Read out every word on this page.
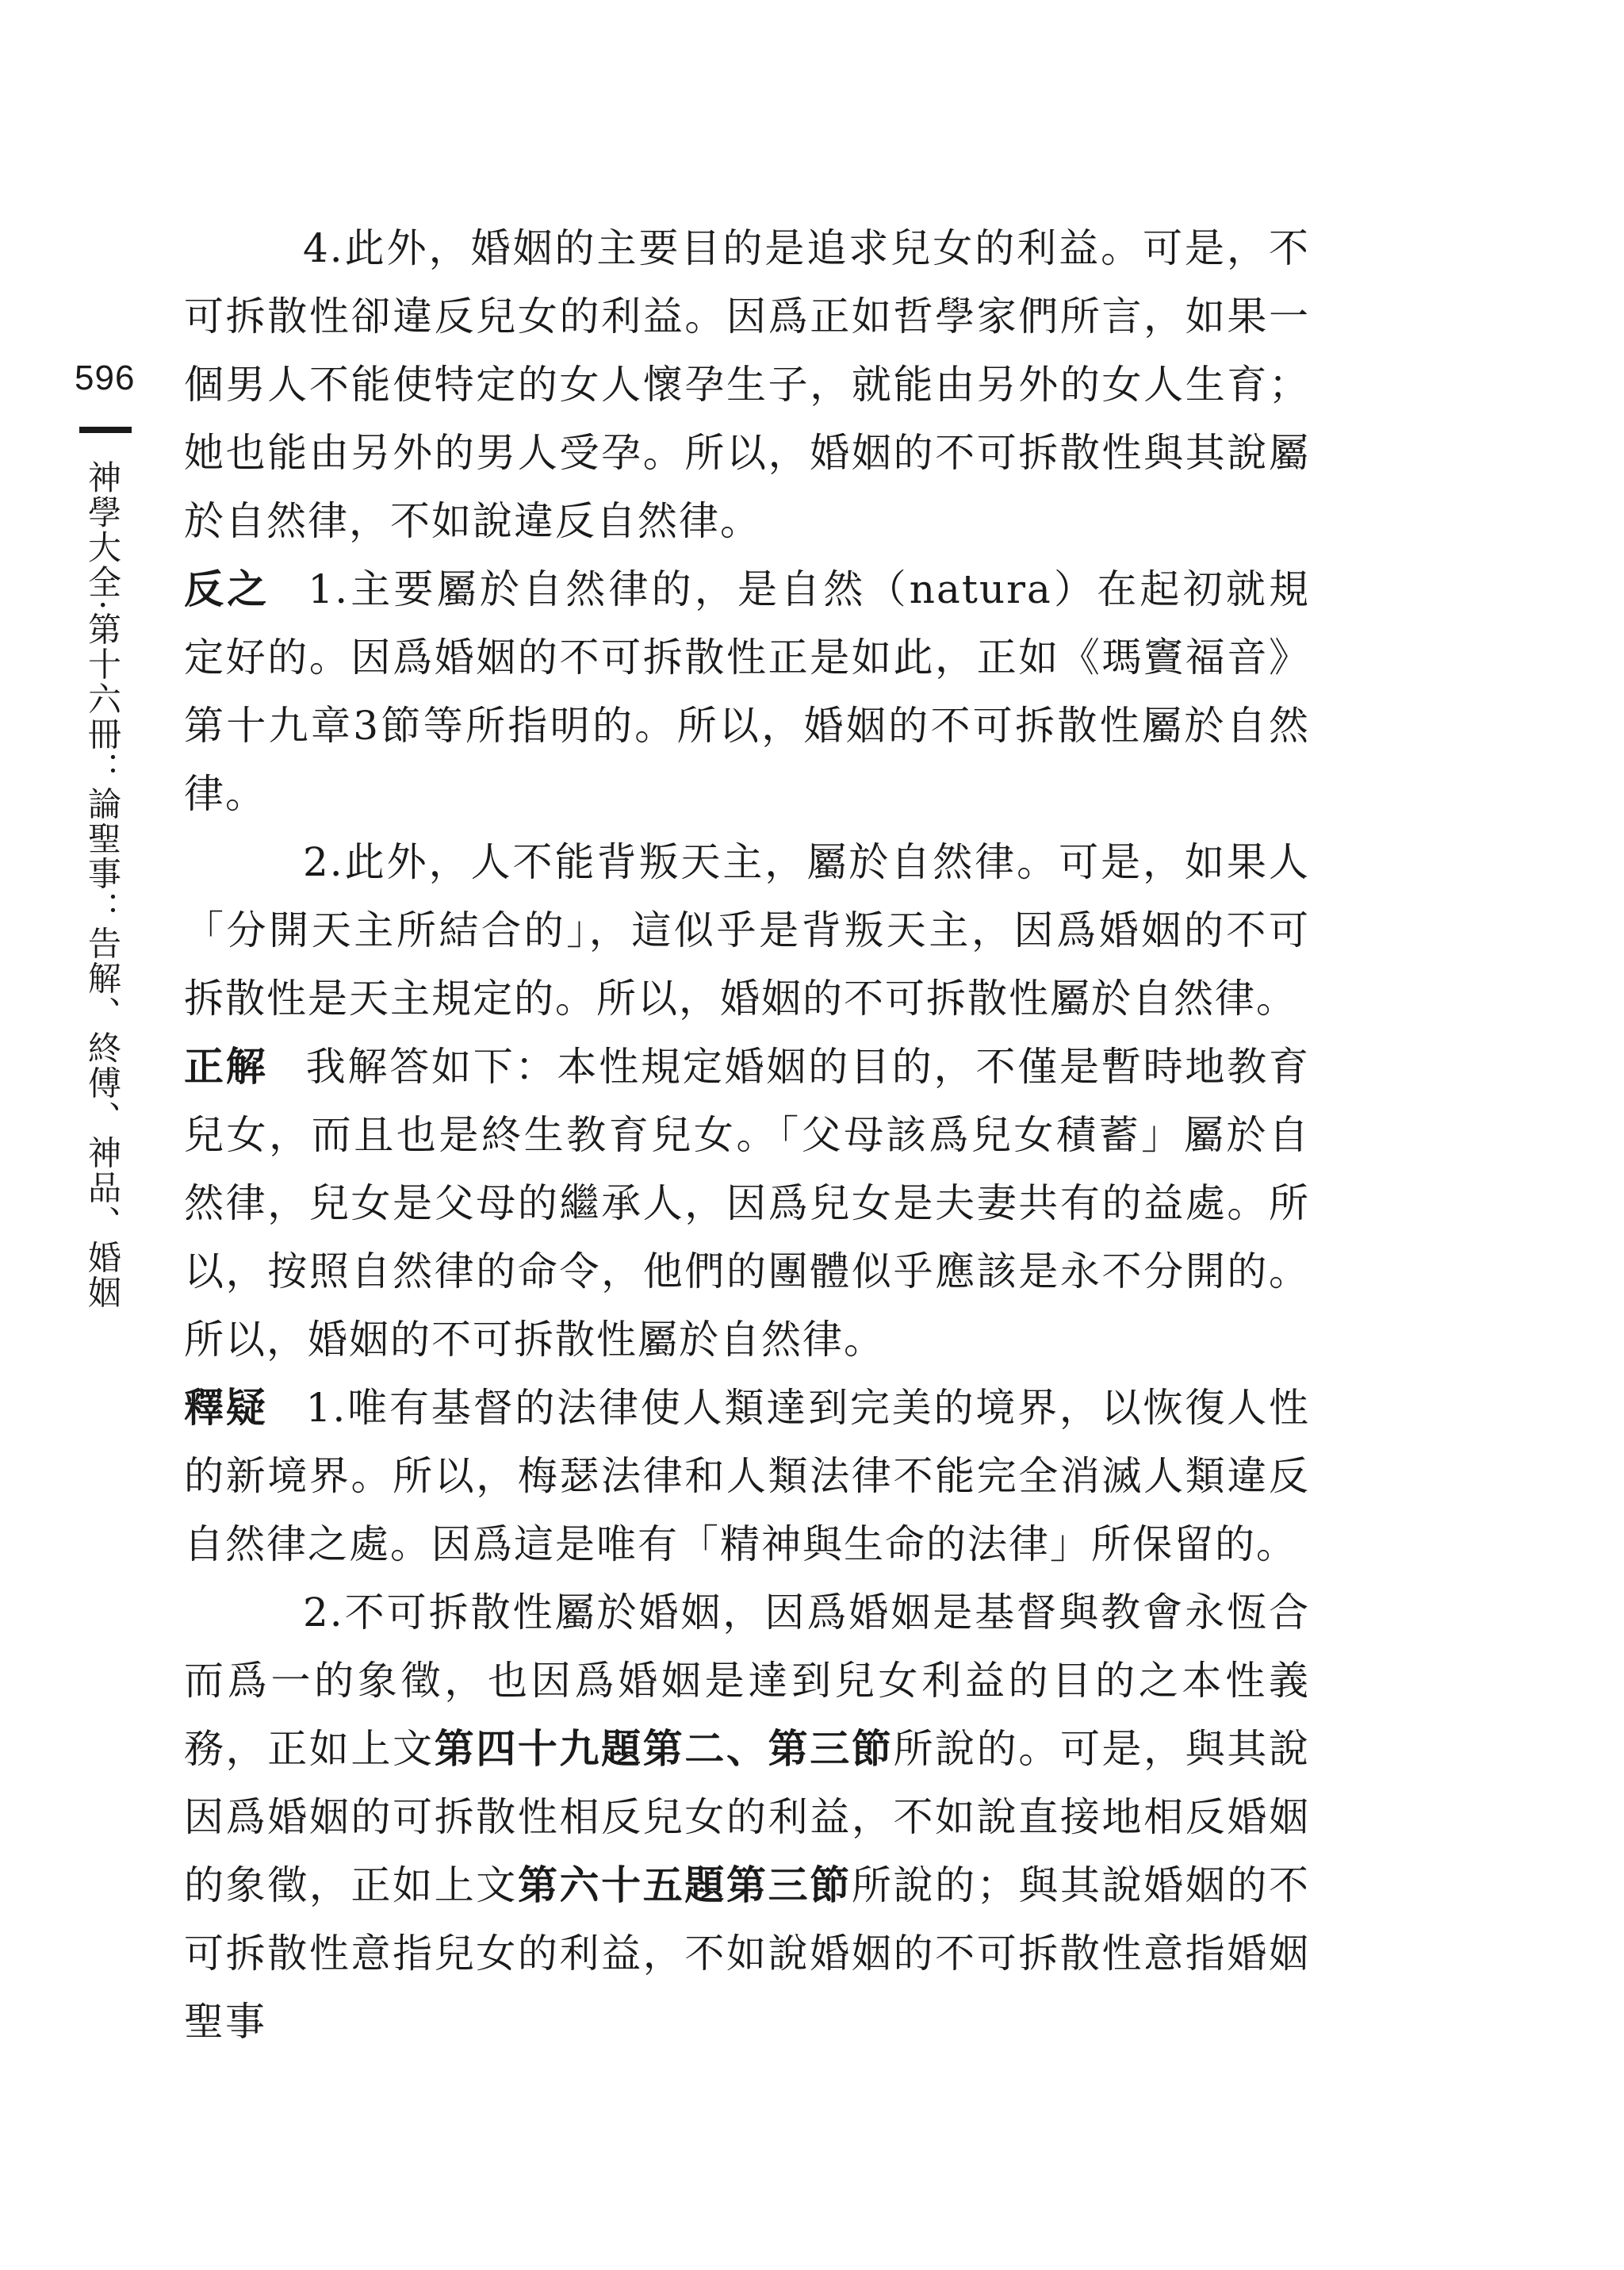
596

神學大全·第十六冊：論聖事：告解、終傅、神品、婚姻

4.此外，婚姻的主要目的是追求兒女的利益。可是，不可拆散性卻違反兒女的利益。因爲正如哲學家們所言，如果一個男人不能使特定的女人懷孕生子，就能由另外的女人生育；她也能由另外的男人受孕。所以，婚姻的不可拆散性與其說屬於自然律，不如說違反自然律。

反之 1.主要屬於自然律的，是自然（natura）在起初就規定好的。因爲婚姻的不可拆散性正是如此，正如《瑪竇福音》第十九章3節等所指明的。所以，婚姻的不可拆散性屬於自然律。

2.此外，人不能背叛天主，屬於自然律。可是，如果人「分開天主所結合的」，這似乎是背叛天主，因爲婚姻的不可拆散性是天主規定的。所以，婚姻的不可拆散性屬於自然律。

正解 我解答如下：本性規定婚姻的目的，不僅是暫時地教育兒女，而且也是終生教育兒女。「父母該爲兒女積蓄」屬於自然律，兒女是父母的繼承人，因爲兒女是夫妻共有的益處。所以，按照自然律的命令，他們的團體似乎應該是永不分開的。所以，婚姻的不可拆散性屬於自然律。

釋疑 1.唯有基督的法律使人類達到完美的境界，以恢復人性的新境界。所以，梅瑟法律和人類法律不能完全消滅人類違反自然律之處。因爲這是唯有「精神與生命的法律」所保留的。

2.不可拆散性屬於婚姻，因爲婚姻是基督與教會永恆合而爲一的象徵，也因爲婚姻是達到兒女利益的目的之本性義務，正如上文第四十九題第二、第三節所說的。可是，與其說因爲婚姻的可拆散性相反兒女的利益，不如說直接地相反婚姻的象徵，正如上文第六十五題第三節所說的；與其說婚姻的不可拆散性意指兒女的利益，不如說婚姻的不可拆散性意指婚姻聖事
